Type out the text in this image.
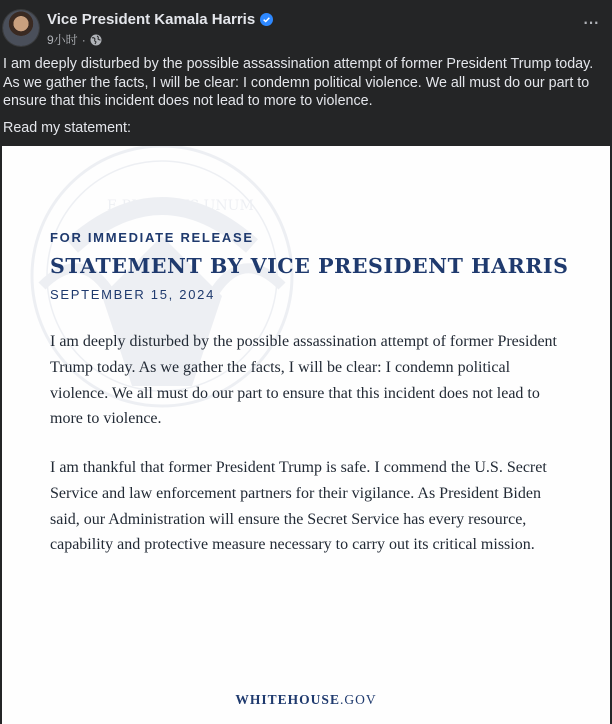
Vice President Kamala Harris
9小时 ·
···

I am deeply disturbed by the possible assassination attempt of former President Trump today. As we gather the facts, I will be clear: I condemn political violence. We all must do our part to ensure that this incident does not lead to more to violence.

Read my statement:
E PLURIBUS UNUM
FOR IMMEDIATE RELEASE
STATEMENT BY VICE PRESIDENT HARRIS
SEPTEMBER 15, 2024

I am deeply disturbed by the possible assassination attempt of former President Trump today. As we gather the facts, I will be clear: I condemn political violence. We all must do our part to ensure that this incident does not lead to more to violence.

I am thankful that former President Trump is safe. I commend the U.S. Secret Service and law enforcement partners for their vigilance. As President Biden said, our Administration will ensure the Secret Service has every resource, capability and protective measure necessary to carry out its critical mission.

WHITEHOUSE.GOV
